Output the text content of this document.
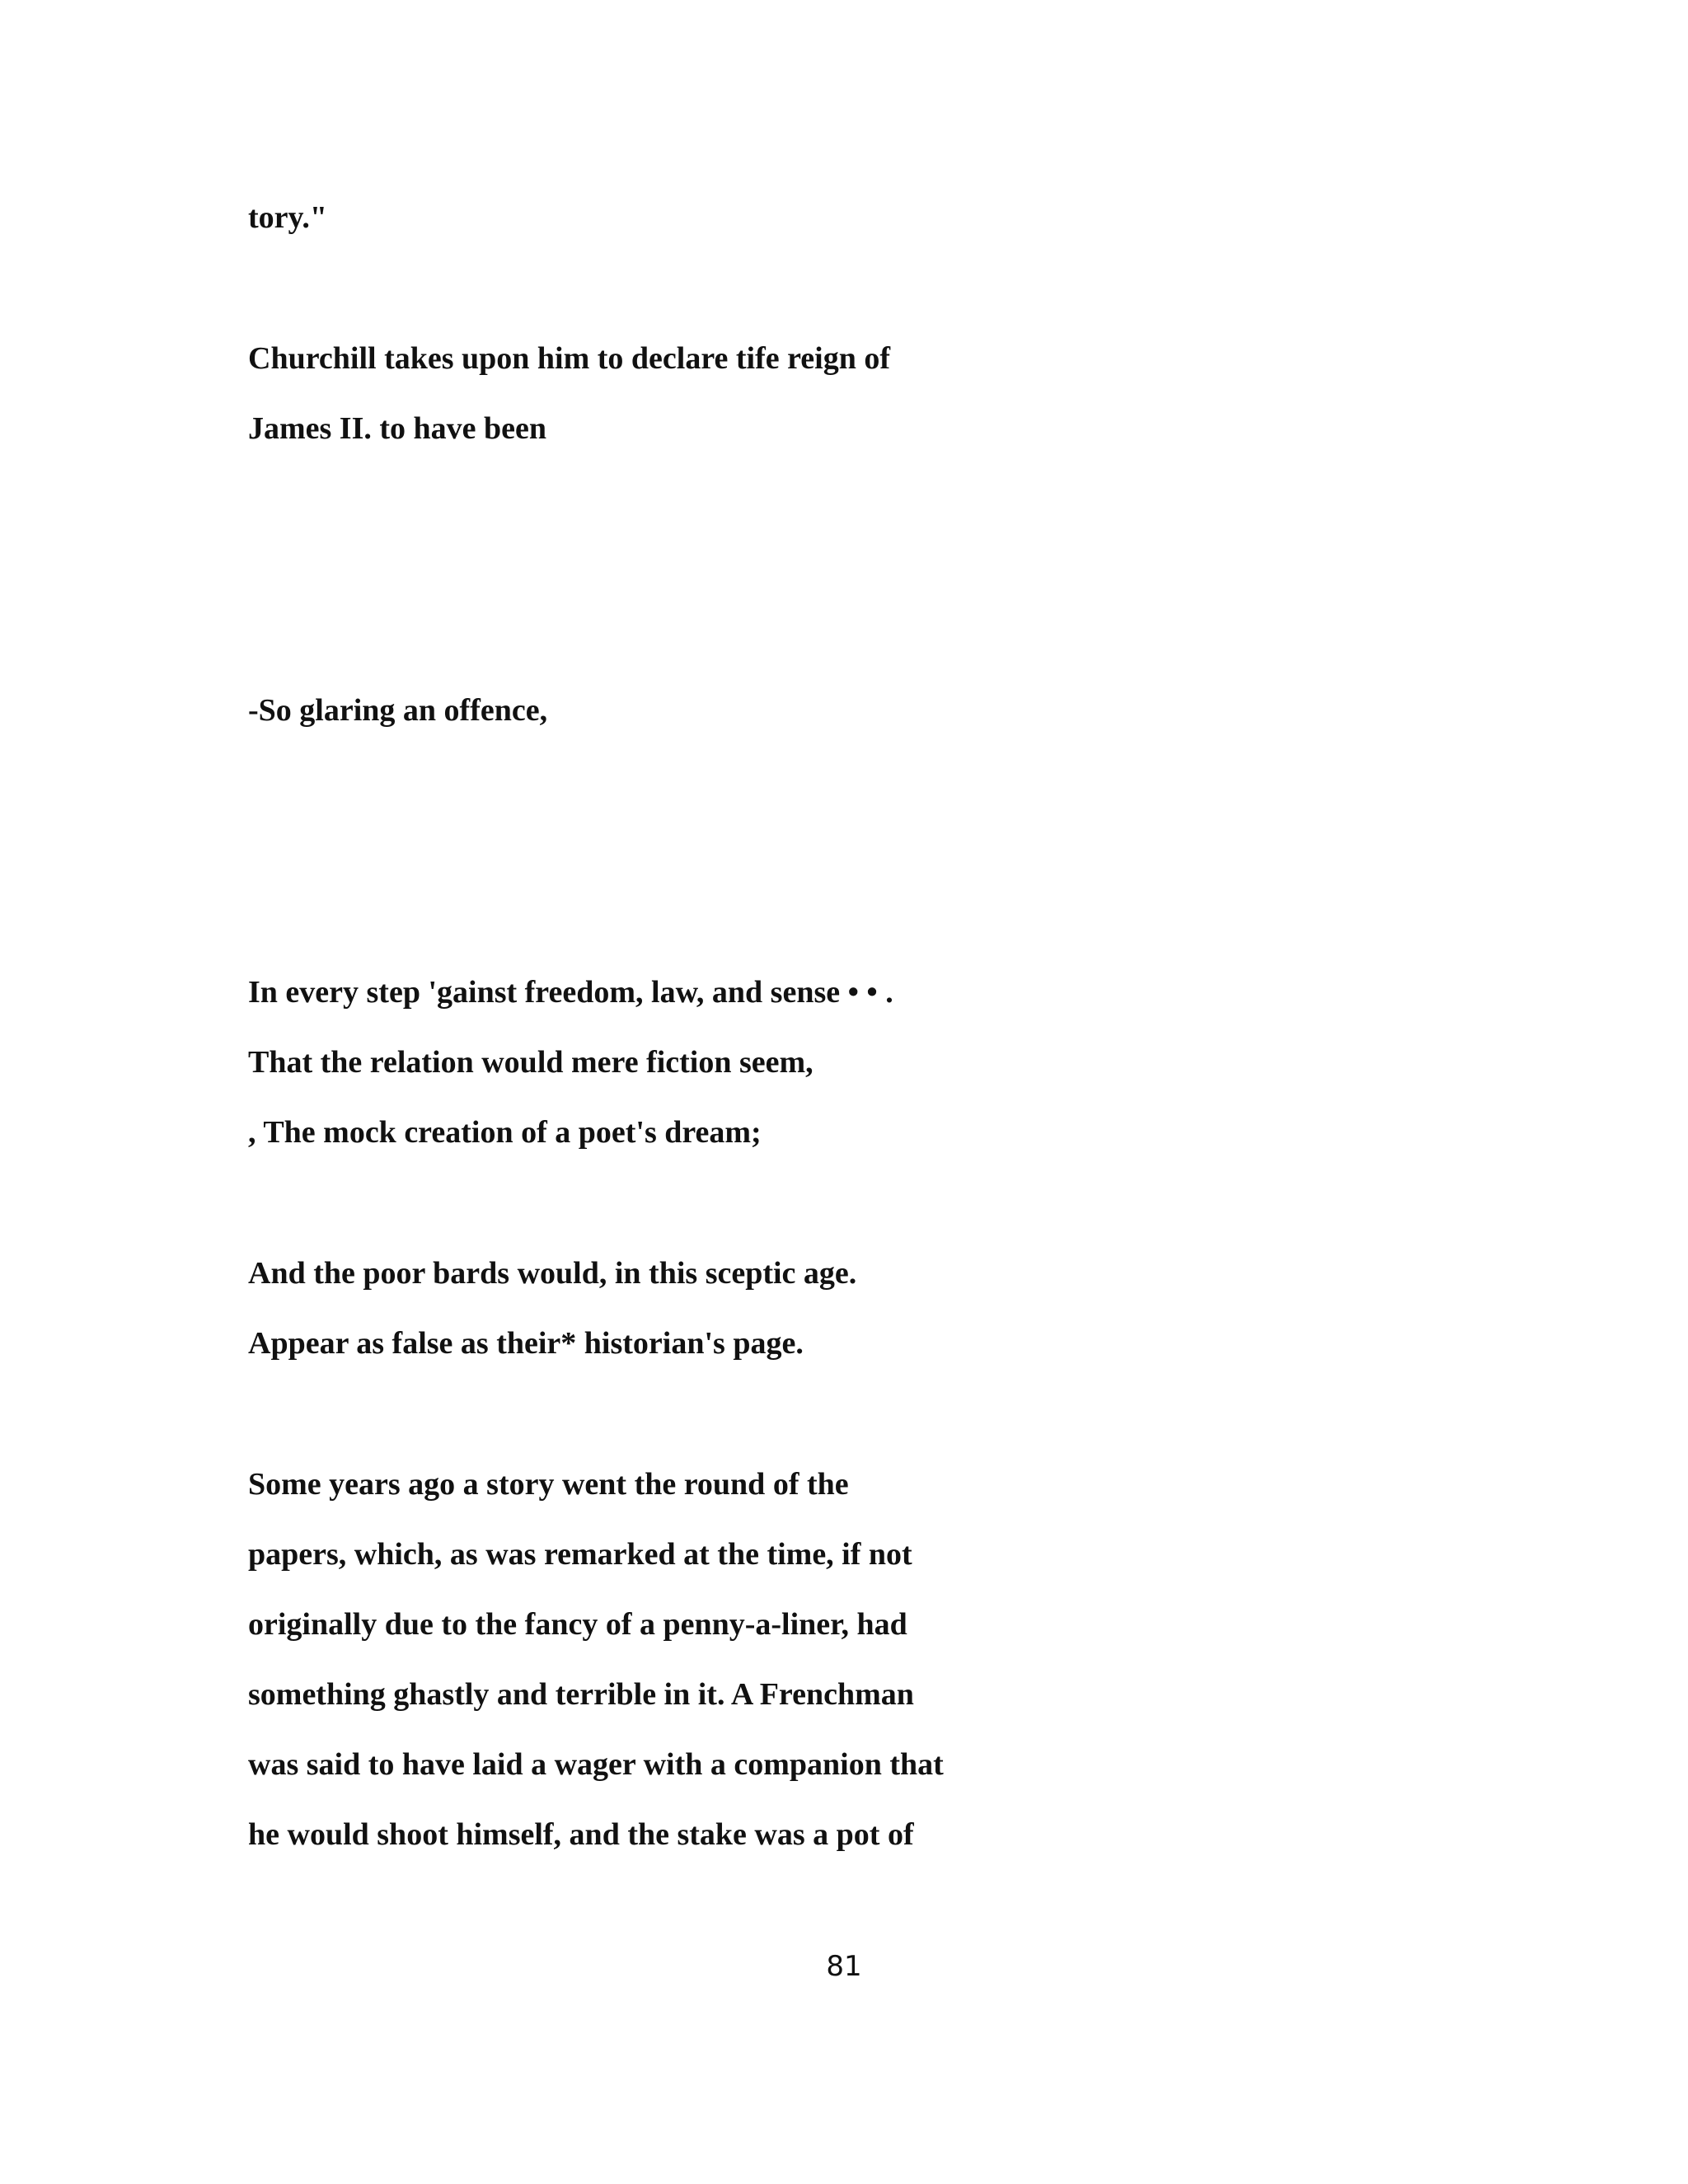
tory."

Churchill takes upon him to declare tife reign of

James II. to have been

-So glaring an offence,

In every step 'gainst freedom, law, and sense • • .

That the relation would mere fiction seem,

, The mock creation of a poet's dream;

And the poor bards would, in this sceptic age.

Appear as false as their* historian's page.

Some years ago a story went the round of the

papers, which, as was remarked at the time, if not

originally due to the fancy of a penny-a-liner, had

something ghastly and terrible in it. A Frenchman

was said to have laid a wager with a companion that

he would shoot himself, and the stake was a pot of

81
